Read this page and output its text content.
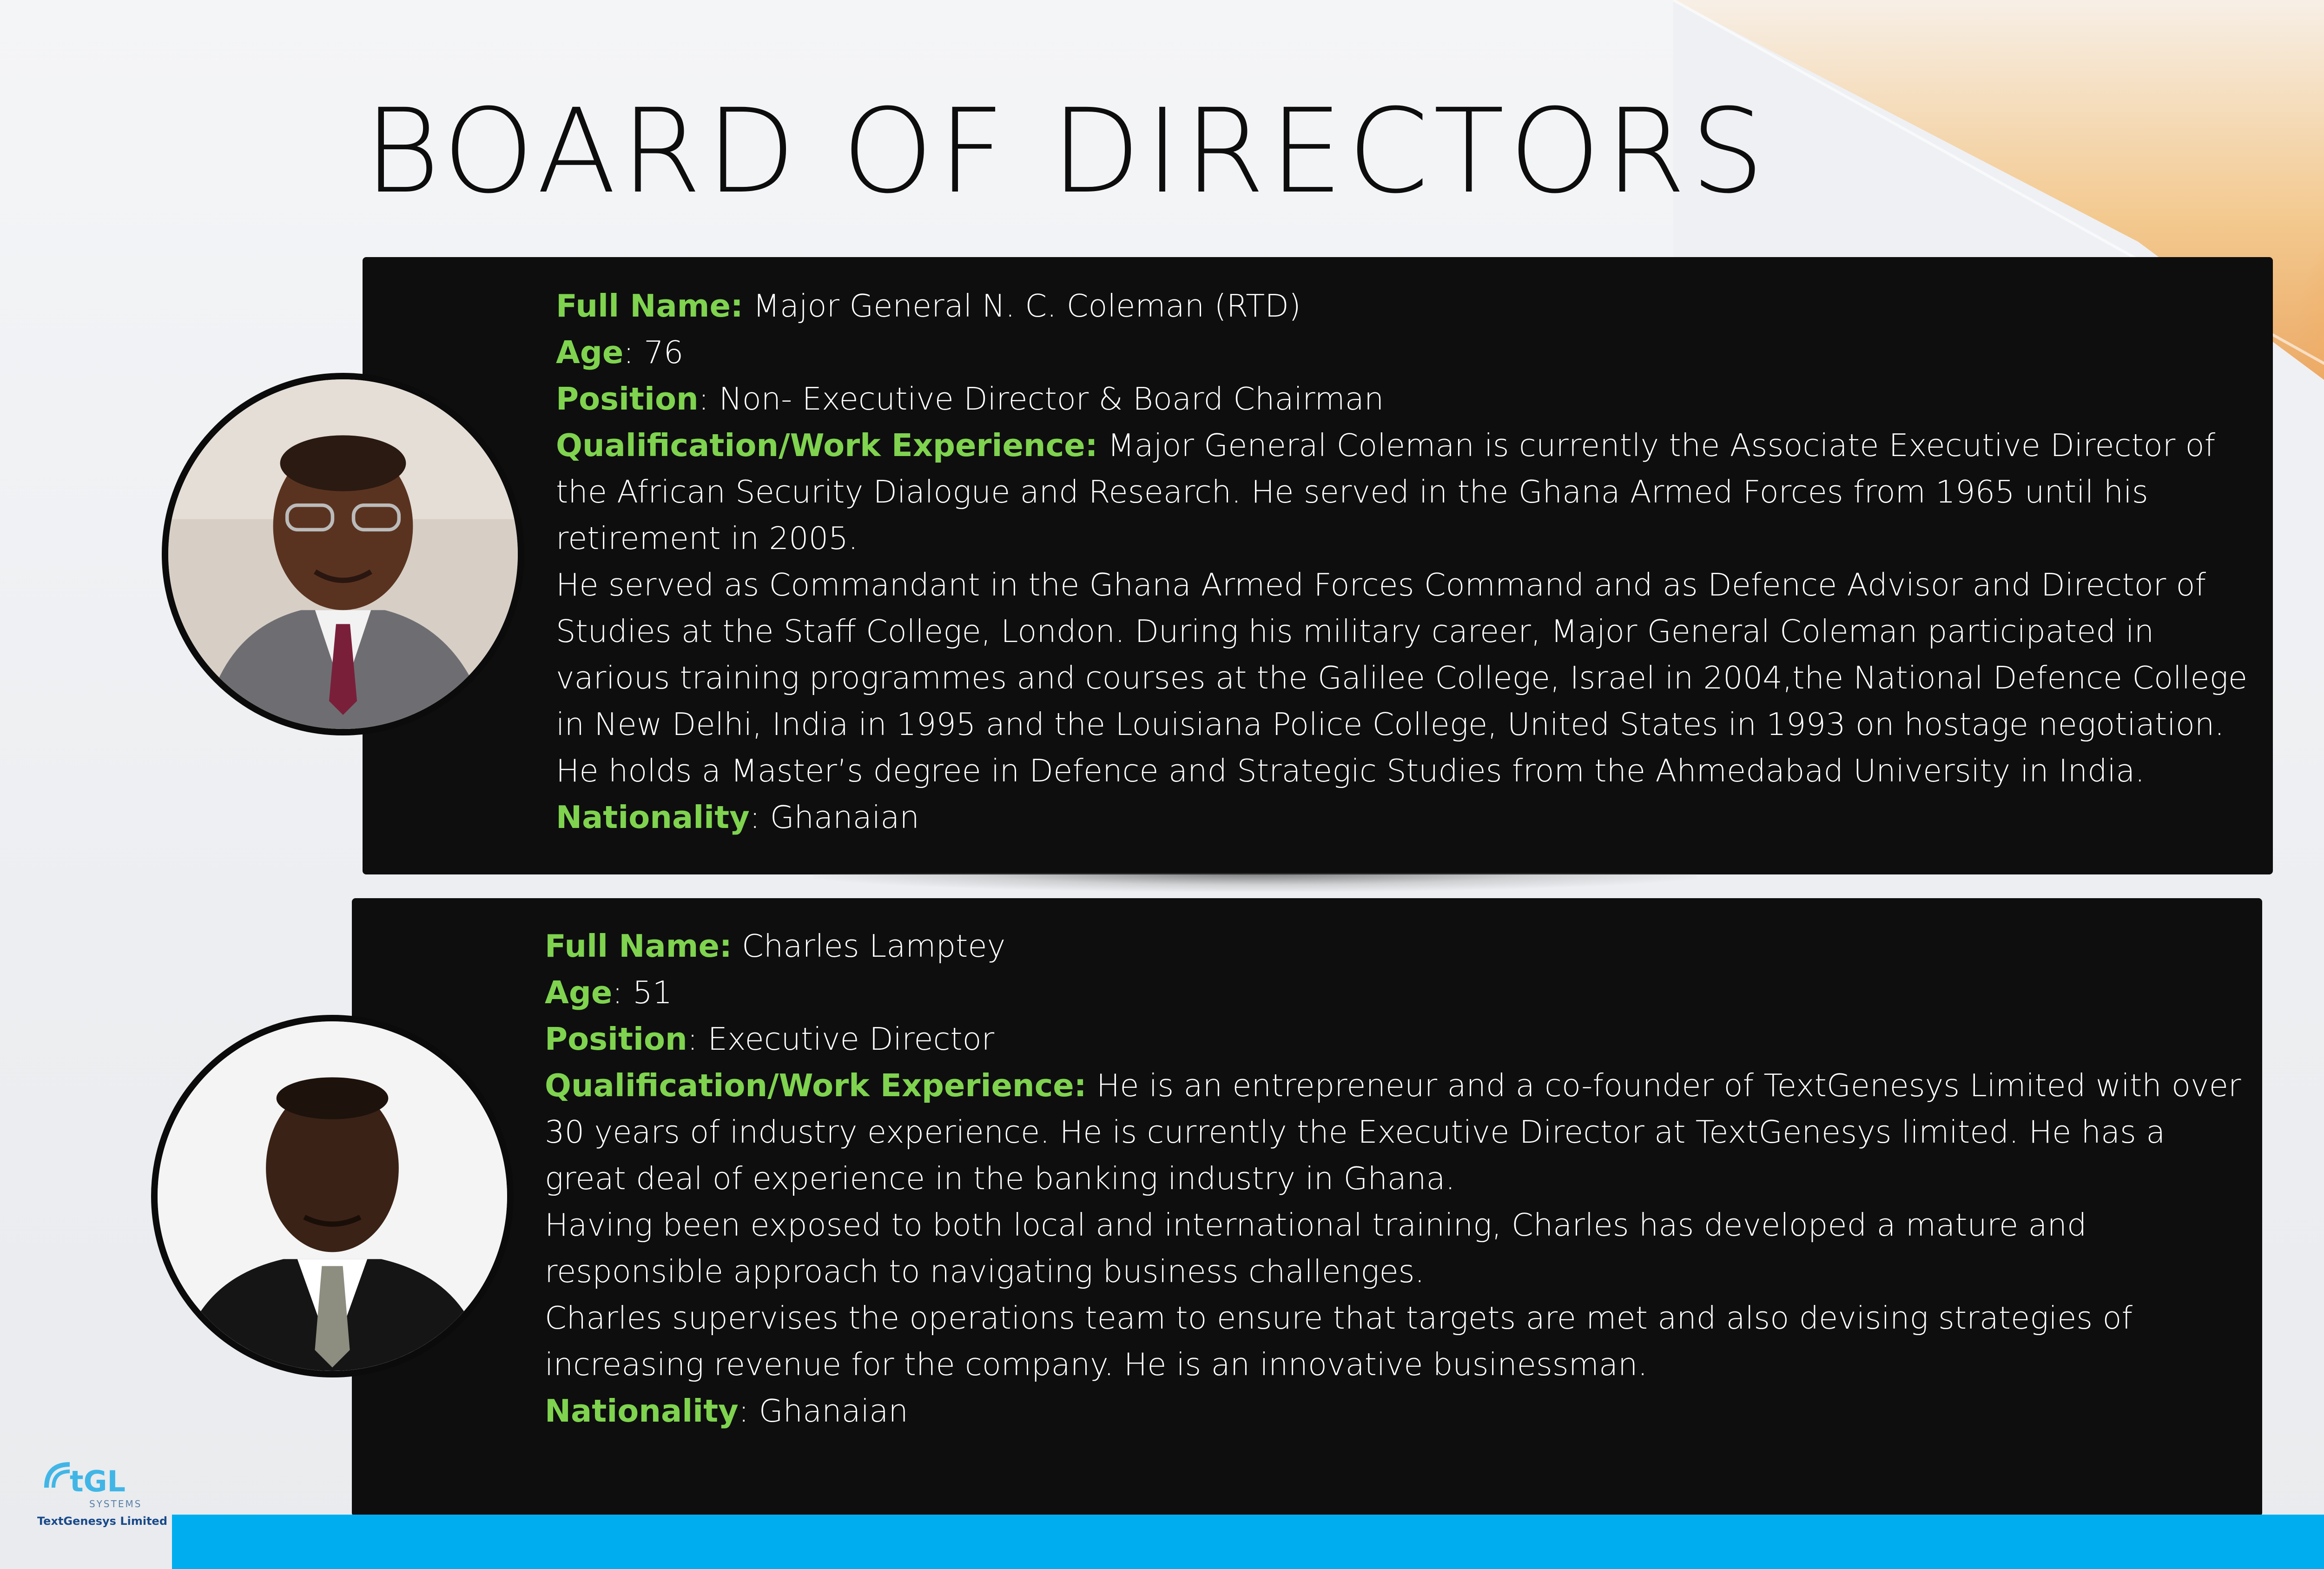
BOARD OF DIRECTORS

Full Name: Major General N. C. Coleman (RTD)

Age: 76

Position: Non- Executive Director & Board Chairman

Qualification/Work Experience: Major General Coleman is currently the Associate Executive Director of the African Security Dialogue and Research. He served in the Ghana Armed Forces from 1965 until his retirement in 2005.

He served as Commandant in the Ghana Armed Forces Command and as Defence Advisor and Director of Studies at the Staff College, London. During his military career, Major General Coleman participated in various training programmes and courses at the Galilee College, Israel in 2004,the National Defence College in New Delhi, India in 1995 and the Louisiana Police College, United States in 1993 on hostage negotiation. He holds a Master’s degree in Defence and Strategic Studies from the Ahmedabad University in India.

Nationality: Ghanaian

Full Name: Charles Lamptey

Age: 51

Position: Executive Director

Qualification/Work Experience: He is an entrepreneur and a co-founder of TextGenesys Limited with over 30 years of industry experience. He is currently the Executive Director at TextGenesys limited. He has a great deal of experience in the banking industry in Ghana.

Having been exposed to both local and international training, Charles has developed a mature and responsible approach to navigating business challenges.

Charles supervises the operations team to ensure that targets are met and also devising strategies of increasing revenue for the company. He is an innovative businessman.

Nationality: Ghanaian

tGL
SYSTEMS
TextGenesys Limited
